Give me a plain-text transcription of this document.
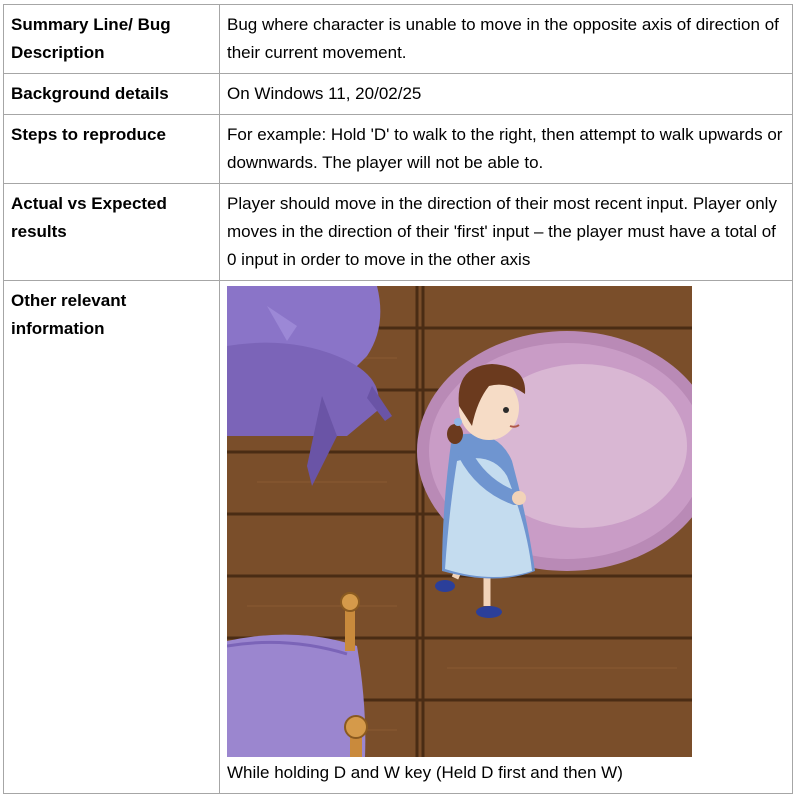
Summary Line/ Bug Description	Bug where character is unable to move in the opposite axis of direction of their current movement.
Background details	On Windows 11, 20/02/25
Steps to reproduce	For example: Hold 'D' to walk to the right, then attempt to walk upwards or downwards. The player will not be able to.
Actual vs Expected results	Player should move in the direction of their most recent input. Player only moves in the direction of their 'first' input – the player must have a total of 0 input in order to move in the other axis
Other relevant information	While holding D and W key (Held D first and then W)
